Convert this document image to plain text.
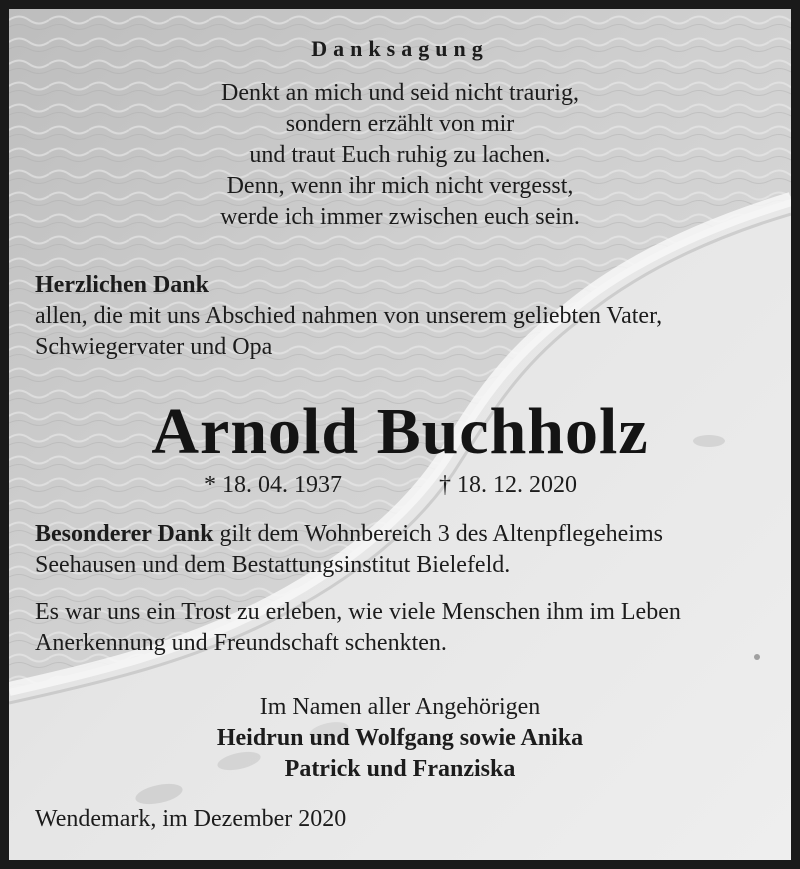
Danksagung
Denkt an mich und seid nicht traurig,
sondern erzählt von mir
und traut Euch ruhig zu lachen.
Denn, wenn ihr mich nicht vergesst,
werde ich immer zwischen euch sein.
Herzlichen Dank
allen, die mit uns Abschied nahmen von unserem geliebten Vater,
Schwiegervater und Opa
Arnold Buchholz
* 18. 04. 1937	† 18. 12. 2020
Besonderer Dank gilt dem Wohnbereich 3 des Altenpflegeheims
Seehausen und dem Bestattungsinstitut Bielefeld.
Es war uns ein Trost zu erleben, wie viele Menschen ihm im Leben
Anerkennung und Freundschaft schenkten.
Im Namen aller Angehörigen
Heidrun und Wolfgang sowie Anika
Patrick und Franziska
Wendemark, im Dezember 2020
